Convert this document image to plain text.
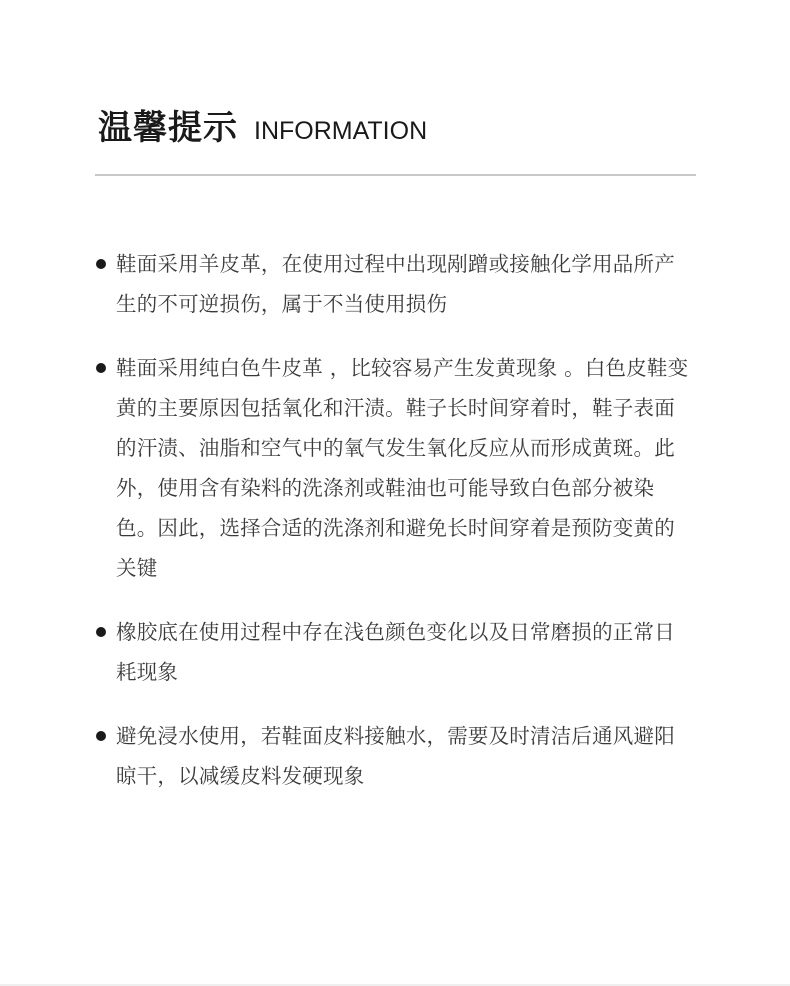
温馨提示 INFORMATION
鞋面采用羊皮革，在使用过程中出现剐蹭或接触化学用品所产生的不可逆损伤，属于不当使用损伤
鞋面采用纯白色牛皮革 ，比较容易产生发黄现象 。白色皮鞋变黄的主要原因包括氧化和汗渍。鞋子长时间穿着时，鞋子表面的汗渍、油脂和空气中的氧气发生氧化反应从而形成黄斑。此外，使用含有染料的洗涤剂或鞋油也可能导致白色部分被染色。因此，选择合适的洗涤剂和避免长时间穿着是预防变黄的关键
橡胶底在使用过程中存在浅色颜色变化以及日常磨损的正常日耗现象
避免浸水使用，若鞋面皮料接触水，需要及时清洁后通风避阳晾干，以减缓皮料发硬现象
